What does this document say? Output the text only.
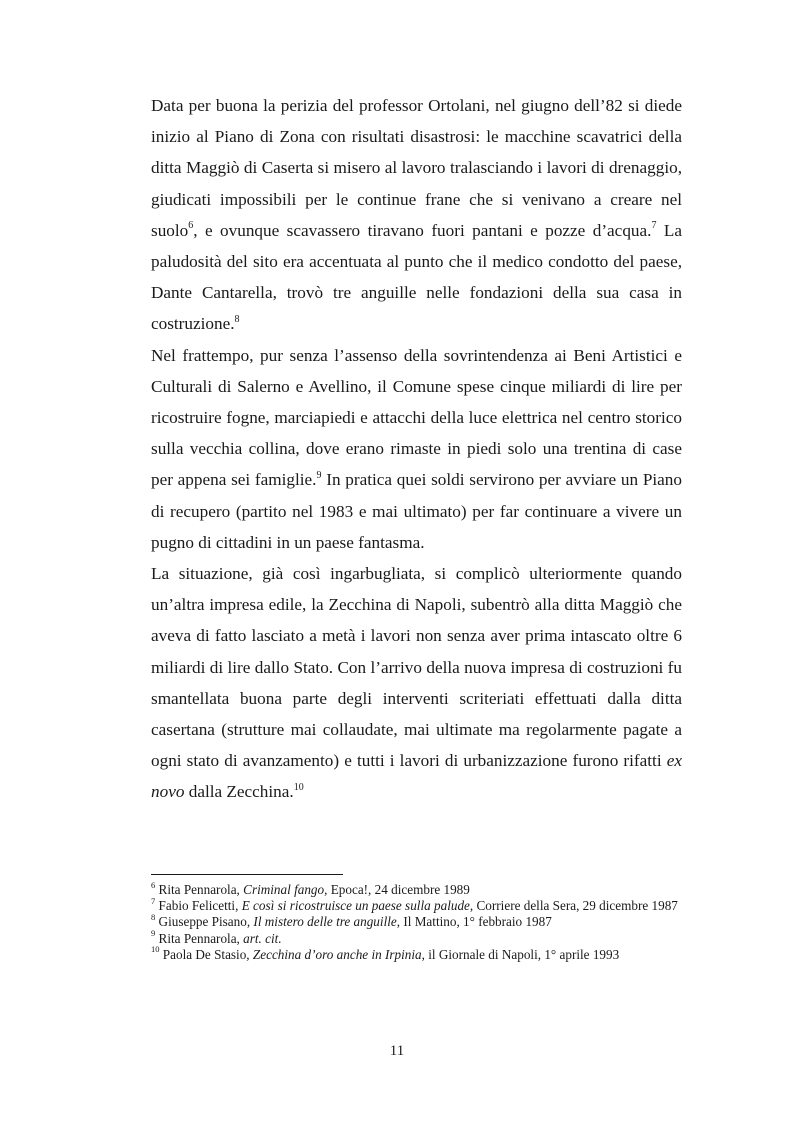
Data per buona la perizia del professor Ortolani, nel giugno dell’82 si diede inizio al Piano di Zona con risultati disastrosi: le macchine scavatrici della ditta Maggiò di Caserta si misero al lavoro tralasciando i lavori di drenaggio, giudicati impossibili per le continue frane che si venivano a creare nel suolo$^6$, e ovunque scavassero tiravano fuori pantani e pozze d’acqua.$^7$ La paludosità del sito era accentuata al punto che il medico condotto del paese, Dante Cantarella, trovò tre anguille nelle fondazioni della sua casa in costruzione.$^8$

Nel frattempo, pur senza l’assenso della sovrintendenza ai Beni Artistici e Culturali di Salerno e Avellino, il Comune spese cinque miliardi di lire per ricostruire fogne, marciapiedi e attacchi della luce elettrica nel centro storico sulla vecchia collina, dove erano rimaste in piedi solo una trentina di case per appena sei famiglie.$^9$ In pratica quei soldi servirono per avviare un Piano di recupero (partito nel 1983 e mai ultimato) per far continuare a vivere un pugno di cittadini in un paese fantasma.

La situazione, già così ingarbugliata, si complicò ulteriormente quando un’altra impresa edile, la Zecchina di Napoli, subentrò alla ditta Maggiò che aveva di fatto lasciato a metà i lavori non senza aver prima intascato oltre 6 miliardi di lire dallo Stato. Con l’arrivo della nuova impresa di costruzioni fu smantellata buona parte degli interventi scriteriati effettuati dalla ditta casertana (strutture mai collaudate, mai ultimate ma regolarmente pagate a ogni stato di avanzamento) e tutti i lavori di urbanizzazione furono rifatti ex novo dalla Zecchina.$^{10}$

$^6$ Rita Pennarola, Criminal fango, Epoca!, 24 dicembre 1989

$^7$ Fabio Felicetti, E così si ricostruisce un paese sulla palude, Corriere della Sera, 29 dicembre 1987

$^8$ Giuseppe Pisano, Il mistero delle tre anguille, Il Mattino, 1° febbraio 1987

$^9$ Rita Pennarola, art. cit.

$^{10}$ Paola De Stasio, Zecchina d’oro anche in Irpinia, il Giornale di Napoli, 1° aprile 1993

11
